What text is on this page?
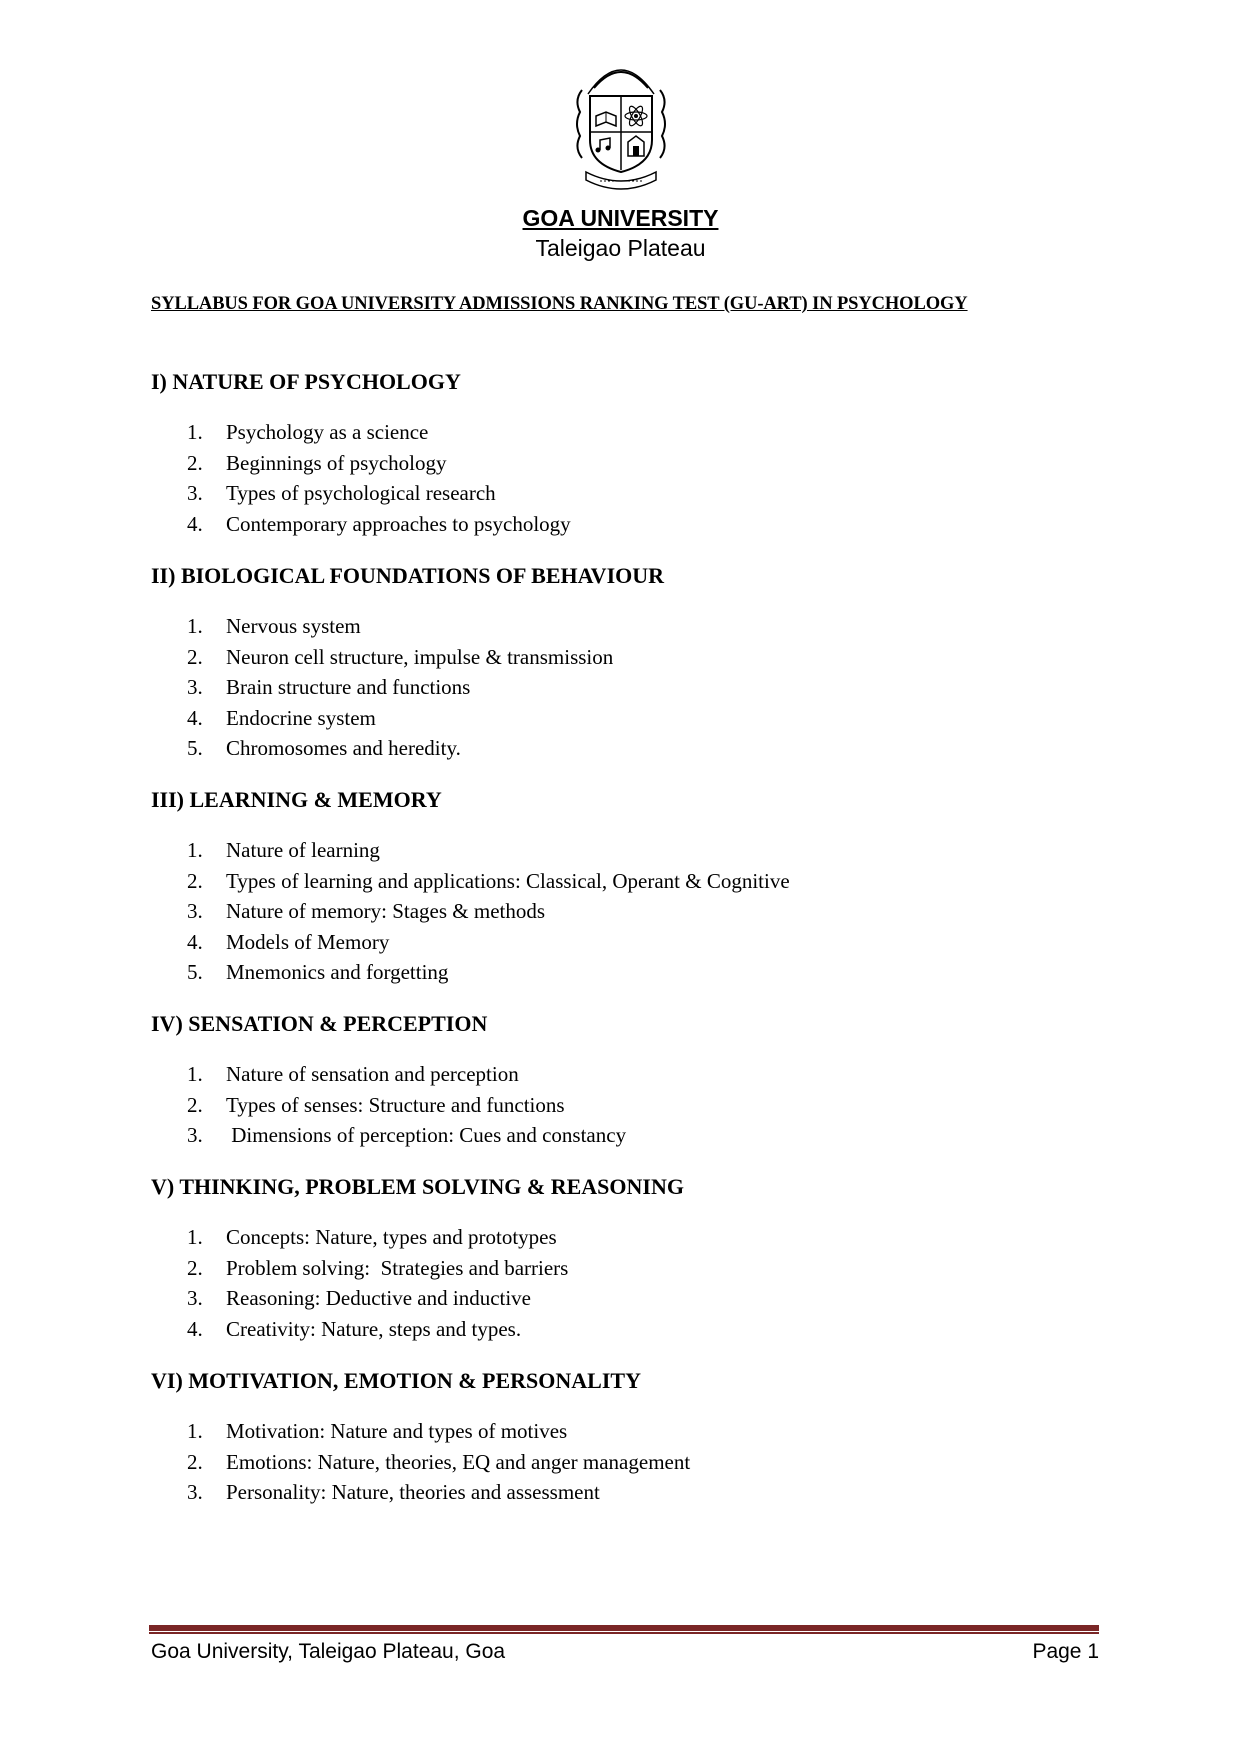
GOA UNIVERSITY
Taleigao Plateau
SYLLABUS FOR GOA UNIVERSITY ADMISSIONS RANKING TEST (GU-ART) IN PSYCHOLOGY
I) NATURE OF PSYCHOLOGY
1. Psychology as a science
2. Beginnings of psychology
3. Types of psychological research
4. Contemporary approaches to psychology
II) BIOLOGICAL FOUNDATIONS OF BEHAVIOUR
1. Nervous system
2. Neuron cell structure, impulse & transmission
3. Brain structure and functions
4. Endocrine system
5. Chromosomes and heredity.
III) LEARNING & MEMORY
1. Nature of learning
2. Types of learning and applications: Classical, Operant & Cognitive
3. Nature of memory: Stages & methods
4. Models of Memory
5. Mnemonics and forgetting
IV) SENSATION & PERCEPTION
1. Nature of sensation and perception
2. Types of senses: Structure and functions
3. Dimensions of perception: Cues and constancy
V) THINKING, PROBLEM SOLVING & REASONING
1. Concepts: Nature, types and prototypes
2. Problem solving:  Strategies and barriers
3. Reasoning: Deductive and inductive
4. Creativity: Nature, steps and types.
VI) MOTIVATION, EMOTION & PERSONALITY
1. Motivation: Nature and types of motives
2. Emotions: Nature, theories, EQ and anger management
3. Personality: Nature, theories and assessment
Goa University, Taleigao Plateau, Goa	Page 1
